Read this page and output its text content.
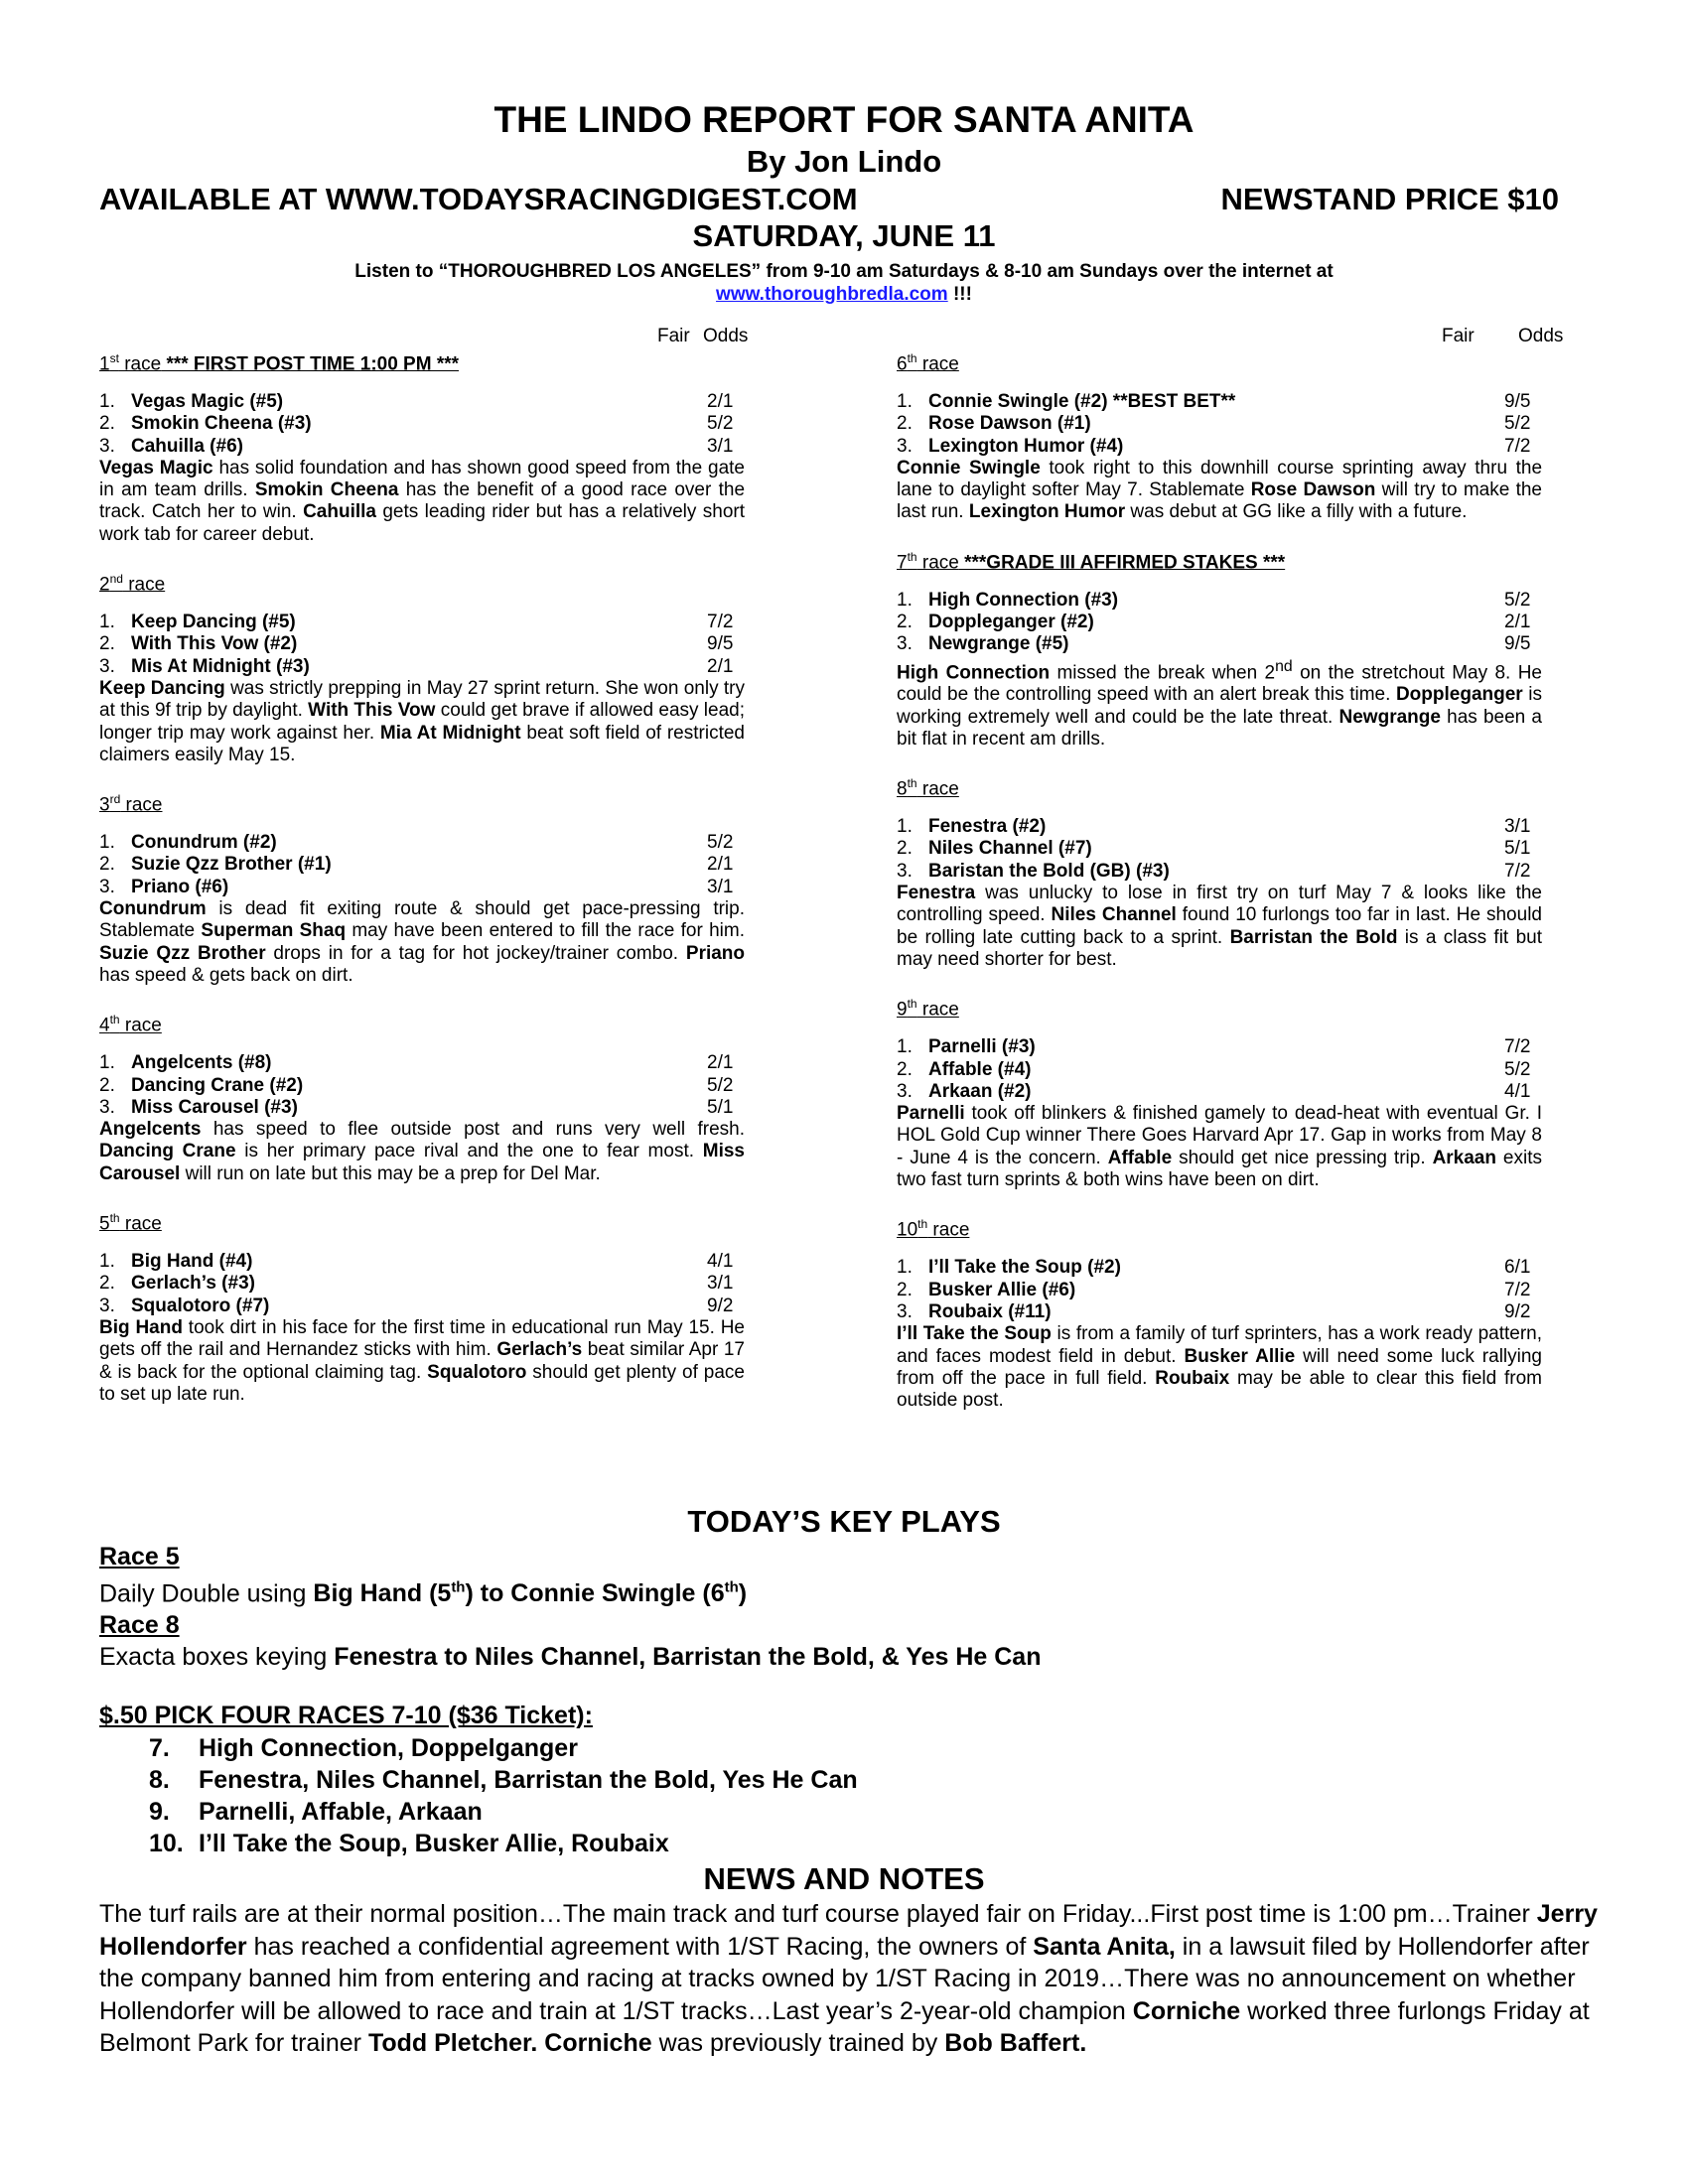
THE LINDO REPORT FOR SANTA ANITA
By Jon Lindo
AVAILABLE AT WWW.TODAYSRACINGDIGEST.COM	NEWSTAND PRICE $10
SATURDAY, JUNE 11
Listen to “THOROUGHBRED LOS ANGELES” from 9-10 am Saturdays & 8-10 am Sundays over the internet at www.thoroughbredla.com !!!
Fair Odds
1st race *** FIRST POST TIME 1:00 PM ***
1. Vegas Magic (#5)	2/1
2. Smokin Cheena (#3)	5/2
3. Cahuilla (#6)	3/1
Vegas Magic has solid foundation and has shown good speed from the gate in am team drills. Smokin Cheena has the benefit of a good race over the track. Catch her to win. Cahuilla gets leading rider but has a relatively short work tab for career debut.
2nd race
1. Keep Dancing (#5)	7/2
2. With This Vow (#2)	9/5
3. Mis At Midnight (#3)	2/1
Keep Dancing was strictly prepping in May 27 sprint return. She won only try at this 9f trip by daylight. With This Vow could get brave if allowed easy lead; longer trip may work against her. Mia At Midnight beat soft field of restricted claimers easily May 15.
3rd race
1. Conundrum (#2)	5/2
2. Suzie Qzz Brother (#1)	2/1
3. Priano (#6)	3/1
Conundrum is dead fit exiting route & should get pace-pressing trip. Stablemate Superman Shaq may have been entered to fill the race for him. Suzie Qzz Brother drops in for a tag for hot jockey/trainer combo. Priano has speed & gets back on dirt.
4th race
1. Angelcents (#8)	2/1
2. Dancing Crane (#2)	5/2
3. Miss Carousel (#3)	5/1
Angelcents has speed to flee outside post and runs very well fresh. Dancing Crane is her primary pace rival and the one to fear most. Miss Carousel will run on late but this may be a prep for Del Mar.
5th race
1. Big Hand (#4)	4/1
2. Gerlach’s (#3)	3/1
3. Squalotoro (#7)	9/2
Big Hand took dirt in his face for the first time in educational run May 15. He gets off the rail and Hernandez sticks with him. Gerlach’s beat similar Apr 17 & is back for the optional claiming tag. Squalotoro should get plenty of pace to set up late run.
Fair Odds
6th race
1. Connie Swingle (#2) **BEST BET**	9/5
2. Rose Dawson (#1)	5/2
3. Lexington Humor (#4)	7/2
Connie Swingle took right to this downhill course sprinting away thru the lane to daylight softer May 7. Stablemate Rose Dawson will try to make the last run. Lexington Humor was debut at GG like a filly with a future.
7th race ***GRADE III AFFIRMED STAKES ***
1. High Connection (#3)	5/2
2. Doppleganger (#2)	2/1
3. Newgrange (#5)	9/5
High Connection missed the break when 2nd on the stretchout May 8. He could be the controlling speed with an alert break this time. Doppleganger is working extremely well and could be the late threat. Newgrange has been a bit flat in recent am drills.
8th race
1. Fenestra (#2)	3/1
2. Niles Channel (#7)	5/1
3. Baristan the Bold (GB) (#3)	7/2
Fenestra was unlucky to lose in first try on turf May 7 & looks like the controlling speed. Niles Channel found 10 furlongs too far in last. He should be rolling late cutting back to a sprint. Barristan the Bold is a class fit but may need shorter for best.
9th race
1. Parnelli (#3)	7/2
2. Affable (#4)	5/2
3. Arkaan (#2)	4/1
Parnelli took off blinkers & finished gamely to dead-heat with eventual Gr. I HOL Gold Cup winner There Goes Harvard Apr 17. Gap in works from May 8 - June 4 is the concern. Affable should get nice pressing trip. Arkaan exits two fast turn sprints & both wins have been on dirt.
10th race
1. I’ll Take the Soup (#2)	6/1
2. Busker Allie (#6)	7/2
3. Roubaix (#11)	9/2
I’ll Take the Soup is from a family of turf sprinters, has a work ready pattern, and faces modest field in debut. Busker Allie will need some luck rallying from off the pace in full field. Roubaix may be able to clear this field from outside post.
TODAY’S KEY PLAYS
Race 5
Daily Double using Big Hand (5th) to Connie Swingle (6th)
Race 8
Exacta boxes keying Fenestra to Niles Channel, Barristan the Bold, & Yes He Can
$.50 PICK FOUR RACES 7-10 ($36 Ticket):
7. High Connection, Doppelganger
8. Fenestra, Niles Channel, Barristan the Bold, Yes He Can
9. Parnelli, Affable, Arkaan
10. I’ll Take the Soup, Busker Allie, Roubaix
NEWS AND NOTES
The turf rails are at their normal position…The main track and turf course played fair on Friday...First post time is 1:00 pm…Trainer Jerry Hollendorfer has reached a confidential agreement with 1/ST Racing, the owners of Santa Anita, in a lawsuit filed by Hollendorfer after the company banned him from entering and racing at tracks owned by 1/ST Racing in 2019…There was no announcement on whether Hollendorfer will be allowed to race and train at 1/ST tracks…Last year’s 2-year-old champion Corniche worked three furlongs Friday at Belmont Park for trainer Todd Pletcher. Corniche was previously trained by Bob Baffert.
